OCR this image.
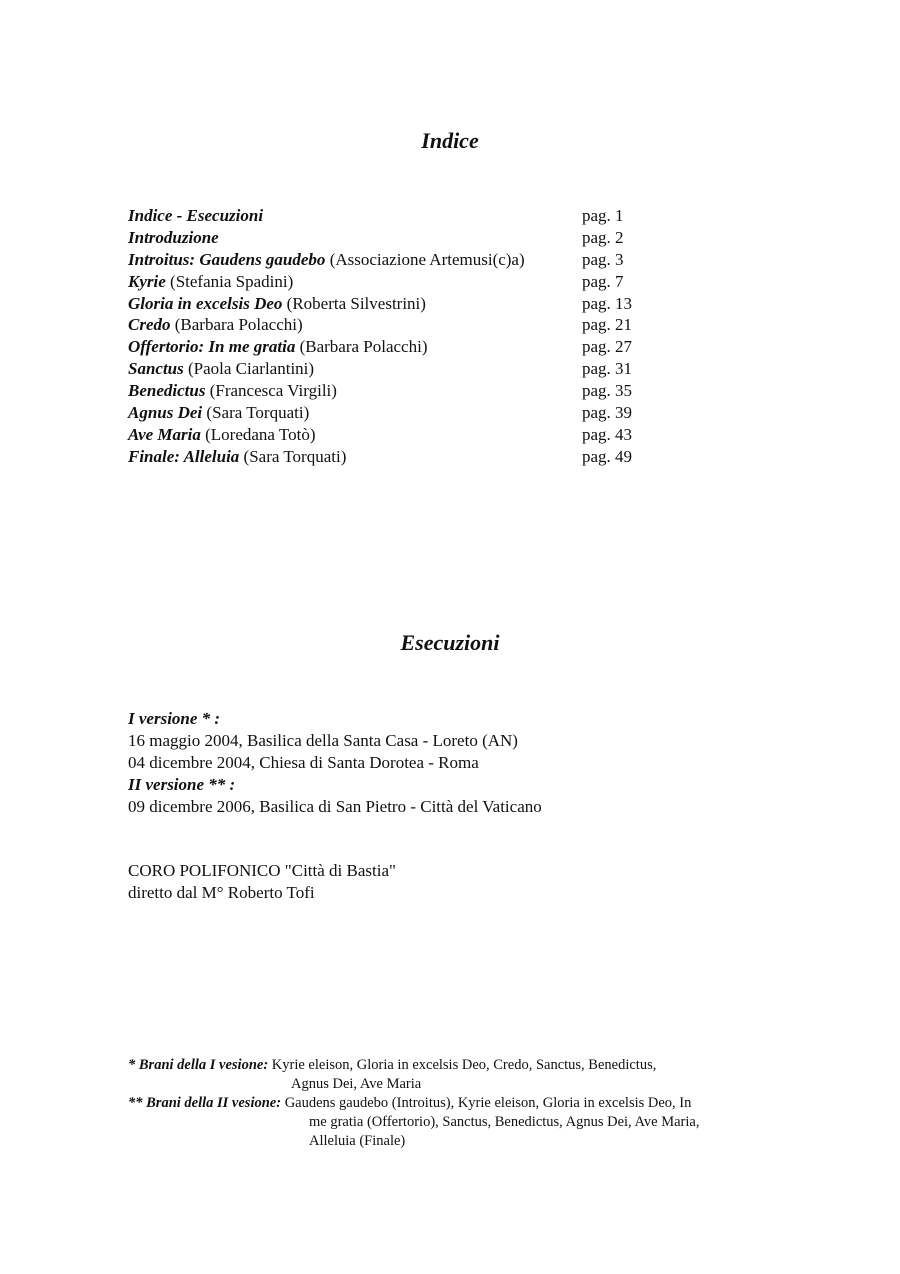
Indice
Indice - Esecuzioni	pag. 1
Introduzione	pag. 2
Introitus: Gaudens gaudebo (Associazione Artemusi(c)a)	pag. 3
Kyrie (Stefania Spadini)	pag. 7
Gloria in excelsis Deo (Roberta Silvestrini)	pag. 13
Credo (Barbara Polacchi)	pag. 21
Offertorio: In me gratia (Barbara Polacchi)	pag. 27
Sanctus (Paola Ciarlantini)	pag. 31
Benedictus (Francesca Virgili)	pag. 35
Agnus Dei (Sara Torquati)	pag. 39
Ave Maria (Loredana Totò)	pag. 43
Finale: Alleluia (Sara Torquati)	pag. 49
Esecuzioni
I versione * :
16 maggio 2004, Basilica della Santa Casa - Loreto (AN)
04 dicembre 2004, Chiesa di Santa Dorotea - Roma
II versione ** :
09 dicembre 2006, Basilica di San Pietro - Città del Vaticano
CORO POLIFONICO "Città di Bastia"
diretto dal M° Roberto Tofi
* Brani della I vesione: Kyrie eleison, Gloria in excelsis Deo, Credo, Sanctus, Benedictus,
Agnus Dei, Ave Maria
** Brani della II vesione: Gaudens gaudebo (Introitus), Kyrie eleison, Gloria in excelsis Deo, In
me gratia (Offertorio), Sanctus, Benedictus, Agnus Dei, Ave Maria,
Alleluia (Finale)
